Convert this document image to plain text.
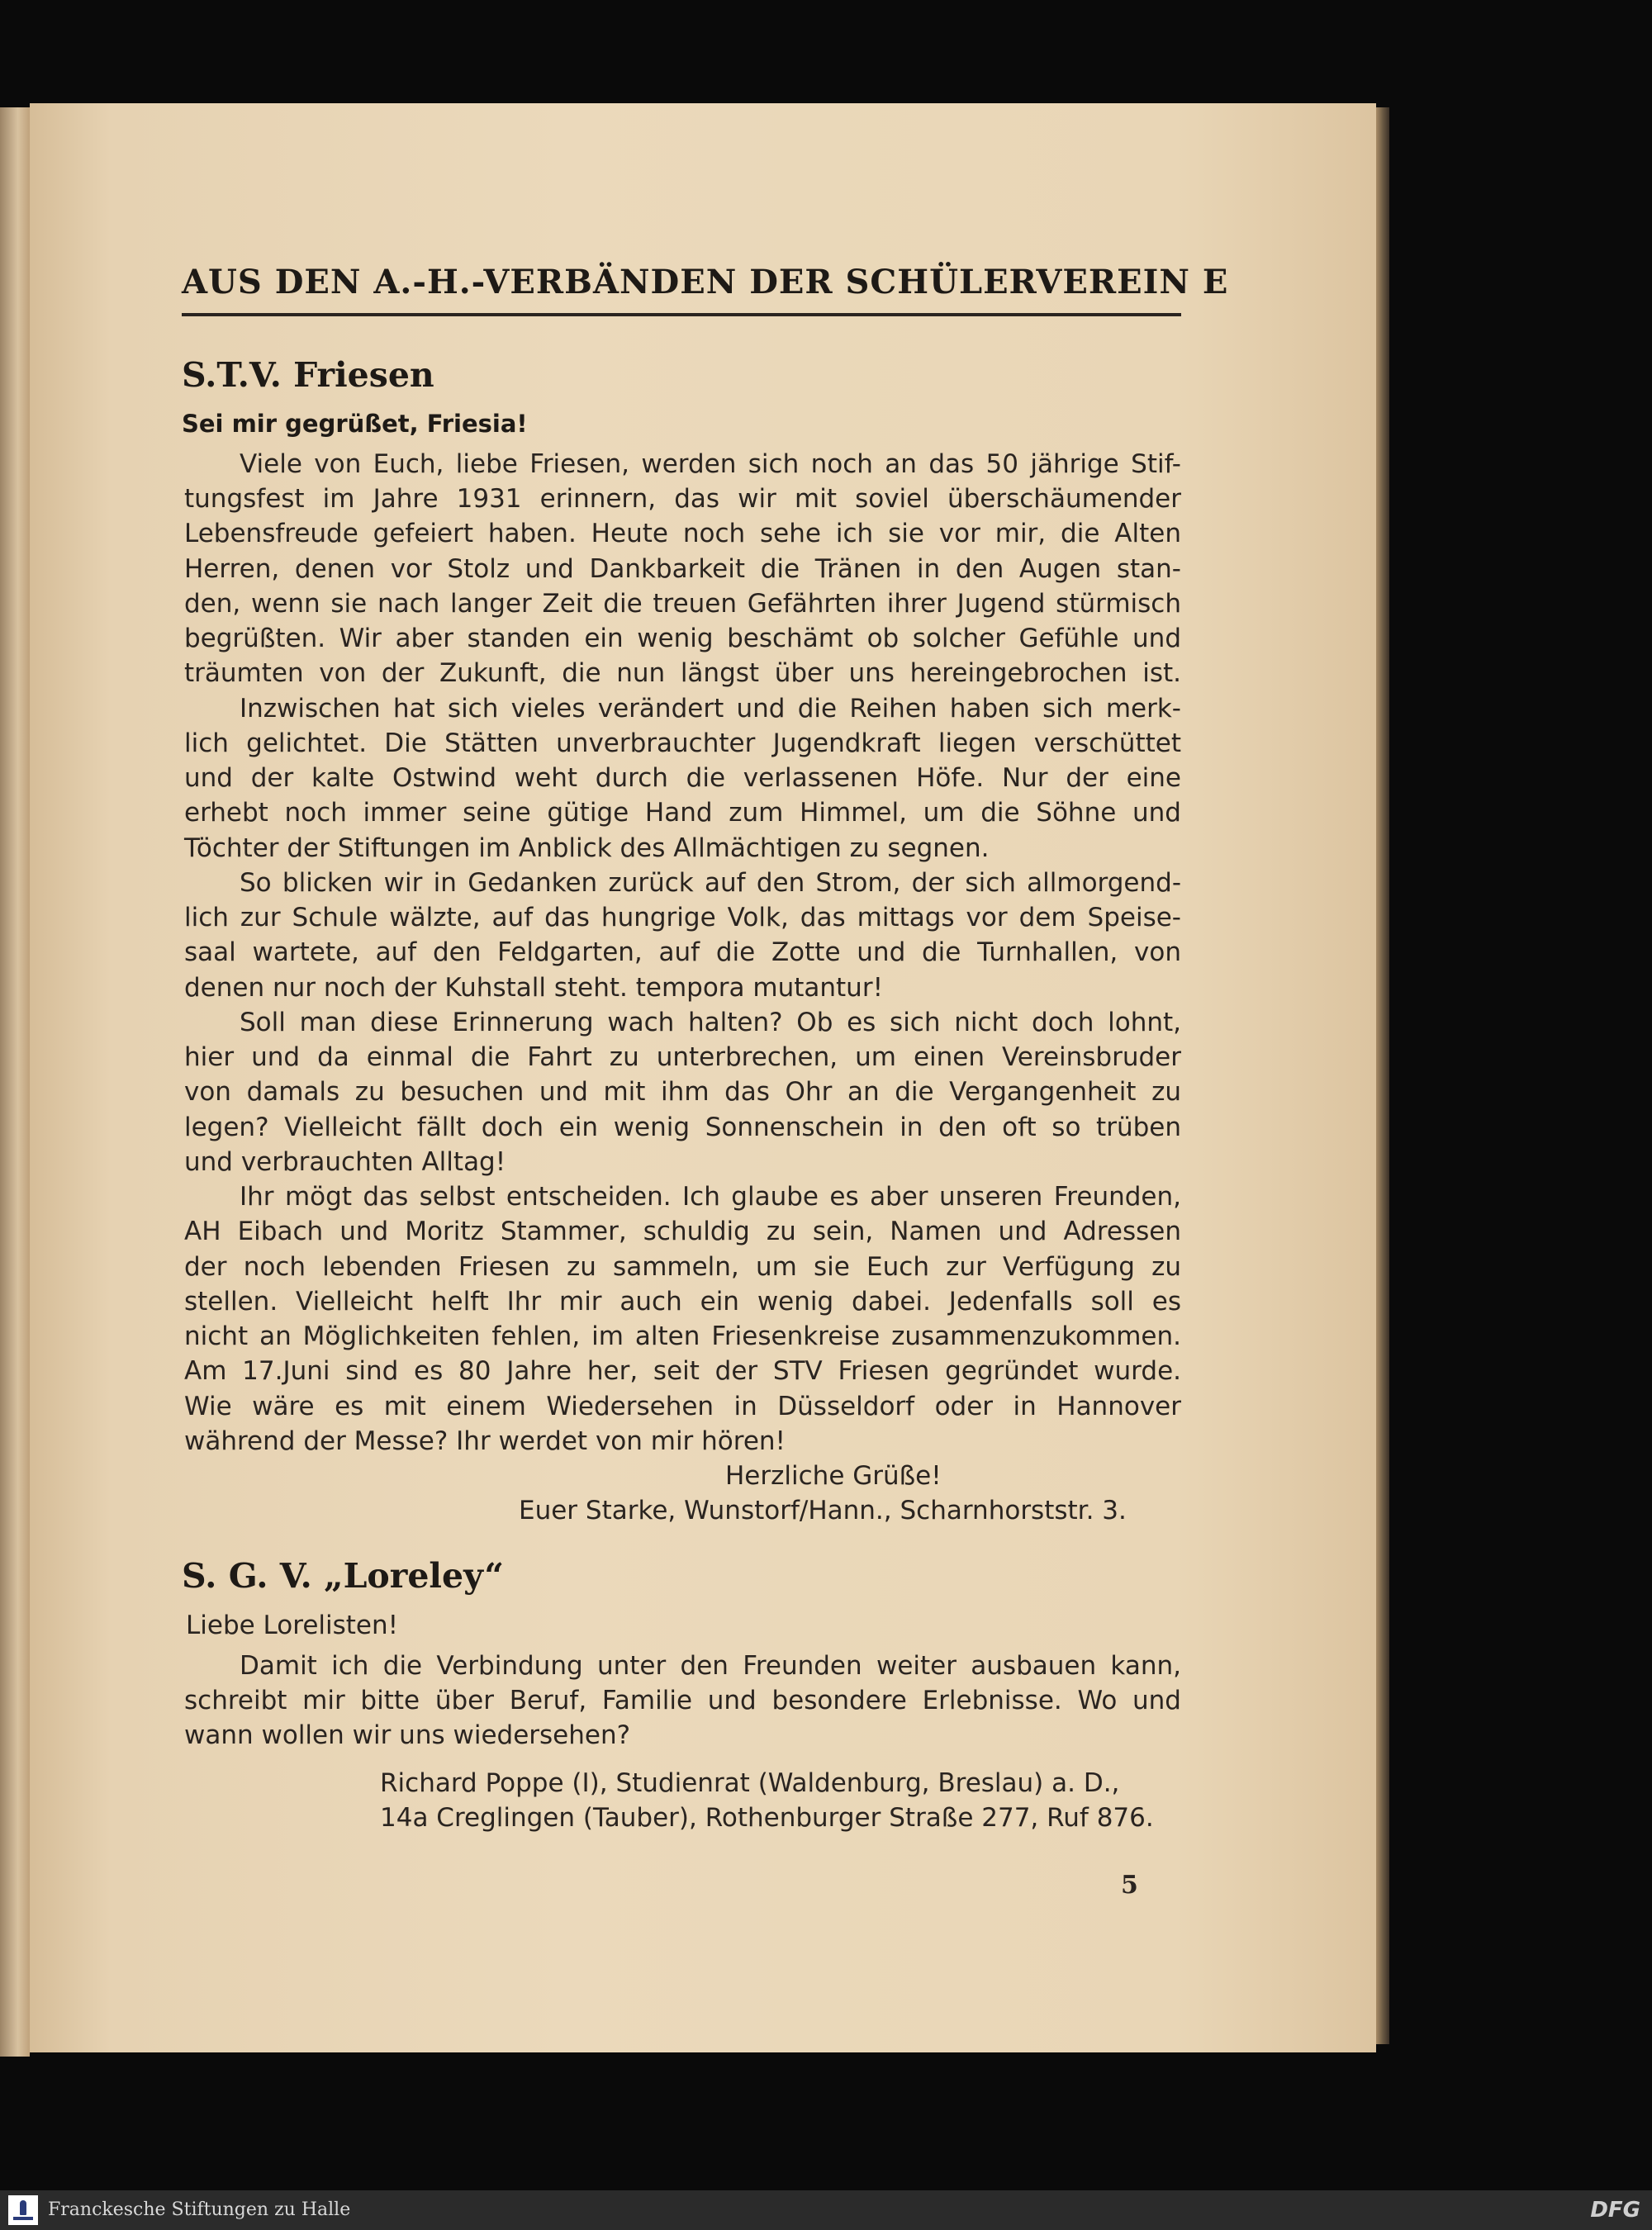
AUS DEN A.-H.-VERBÄNDEN DER SCHÜLERVEREIN E
S.T.V. Friesen
Sei mir gegrüßet, Friesia!
Viele von Euch, liebe Friesen, werden sich noch an das 50 jährige Stif-
tungsfest im Jahre 1931 erinnern, das wir mit soviel überschäumender
Lebensfreude gefeiert haben. Heute noch sehe ich sie vor mir, die Alten
Herren, denen vor Stolz und Dankbarkeit die Tränen in den Augen stan-
den, wenn sie nach langer Zeit die treuen Gefährten ihrer Jugend stürmisch
begrüßten. Wir aber standen ein wenig beschämt ob solcher Gefühle und
träumten von der Zukunft, die nun längst über uns hereingebrochen ist.
Inzwischen hat sich vieles verändert und die Reihen haben sich merk-
lich gelichtet. Die Stätten unverbrauchter Jugendkraft liegen verschüttet
und der kalte Ostwind weht durch die verlassenen Höfe. Nur der eine
erhebt noch immer seine gütige Hand zum Himmel, um die Söhne und
Töchter der Stiftungen im Anblick des Allmächtigen zu segnen.
So blicken wir in Gedanken zurück auf den Strom, der sich allmorgend-
lich zur Schule wälzte, auf das hungrige Volk, das mittags vor dem Speise-
saal wartete, auf den Feldgarten, auf die Zotte und die Turnhallen, von
denen nur noch der Kuhstall steht. tempora mutantur!
Soll man diese Erinnerung wach halten? Ob es sich nicht doch lohnt,
hier und da einmal die Fahrt zu unterbrechen, um einen Vereinsbruder
von damals zu besuchen und mit ihm das Ohr an die Vergangenheit zu
legen? Vielleicht fällt doch ein wenig Sonnenschein in den oft so trüben
und verbrauchten Alltag!
Ihr mögt das selbst entscheiden. Ich glaube es aber unseren Freunden,
AH Eibach und Moritz Stammer, schuldig zu sein, Namen und Adressen
der noch lebenden Friesen zu sammeln, um sie Euch zur Verfügung zu
stellen. Vielleicht helft Ihr mir auch ein wenig dabei. Jedenfalls soll es
nicht an Möglichkeiten fehlen, im alten Friesenkreise zusammenzukommen.
Am 17.Juni sind es 80 Jahre her, seit der STV Friesen gegründet wurde.
Wie wäre es mit einem Wiedersehen in Düsseldorf oder in Hannover
während der Messe? Ihr werdet von mir hören!
Herzliche Grüße!
Euer Starke, Wunstorf/Hann., Scharnhorststr. 3.
S. G. V. „Loreley“
Liebe Lorelisten!
Damit ich die Verbindung unter den Freunden weiter ausbauen kann,
schreibt mir bitte über Beruf, Familie und besondere Erlebnisse. Wo und
wann wollen wir uns wiedersehen?
Richard Poppe (I), Studienrat (Waldenburg, Breslau) a. D.,
14a Creglingen (Tauber), Rothenburger Straße 277, Ruf 876.
5
Franckesche Stiftungen zu Halle	DFG
